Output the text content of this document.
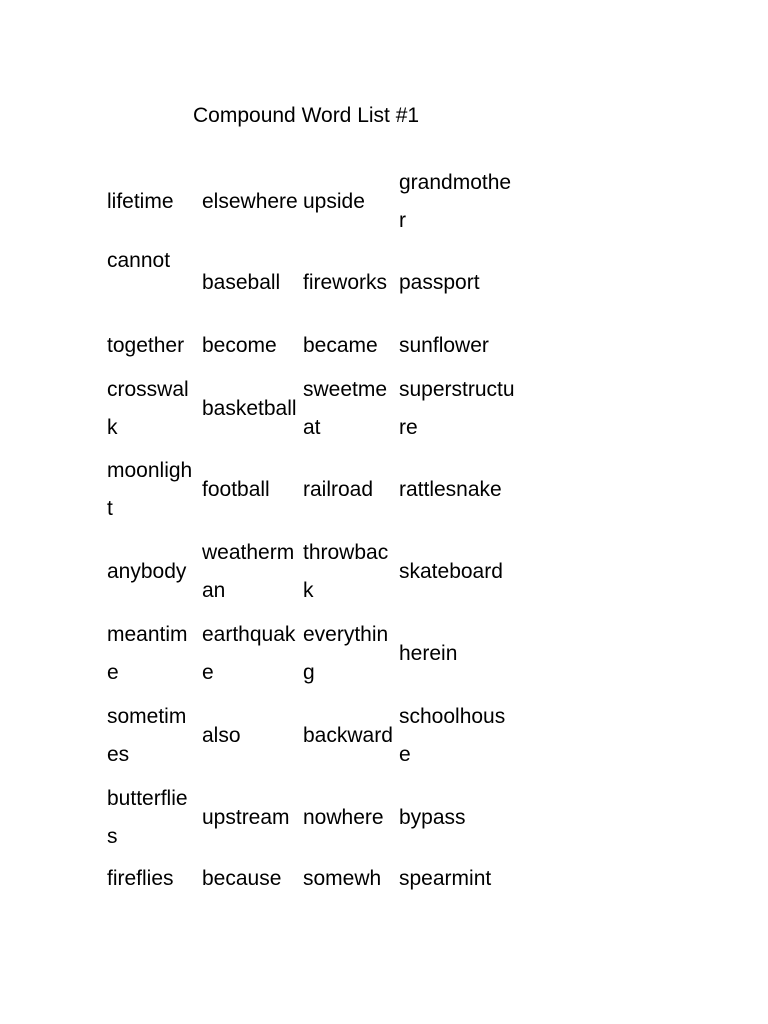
Compound Word List #1
lifetime	elsewhere	upside	grandmother
cannot	baseball	fireworks	passport
together	become	became	sunflower
crosswalk	basketball	sweetmeat	superstructure
moonlight	football	railroad	rattlesnake
anybody	weatherman	throwback	skateboard
meantime	earthquake	everything	herein
sometimes	also	backward	schoolhouse
butterflies	upstream	nowhere	bypass
fireflies	because	somewh	spearmint
